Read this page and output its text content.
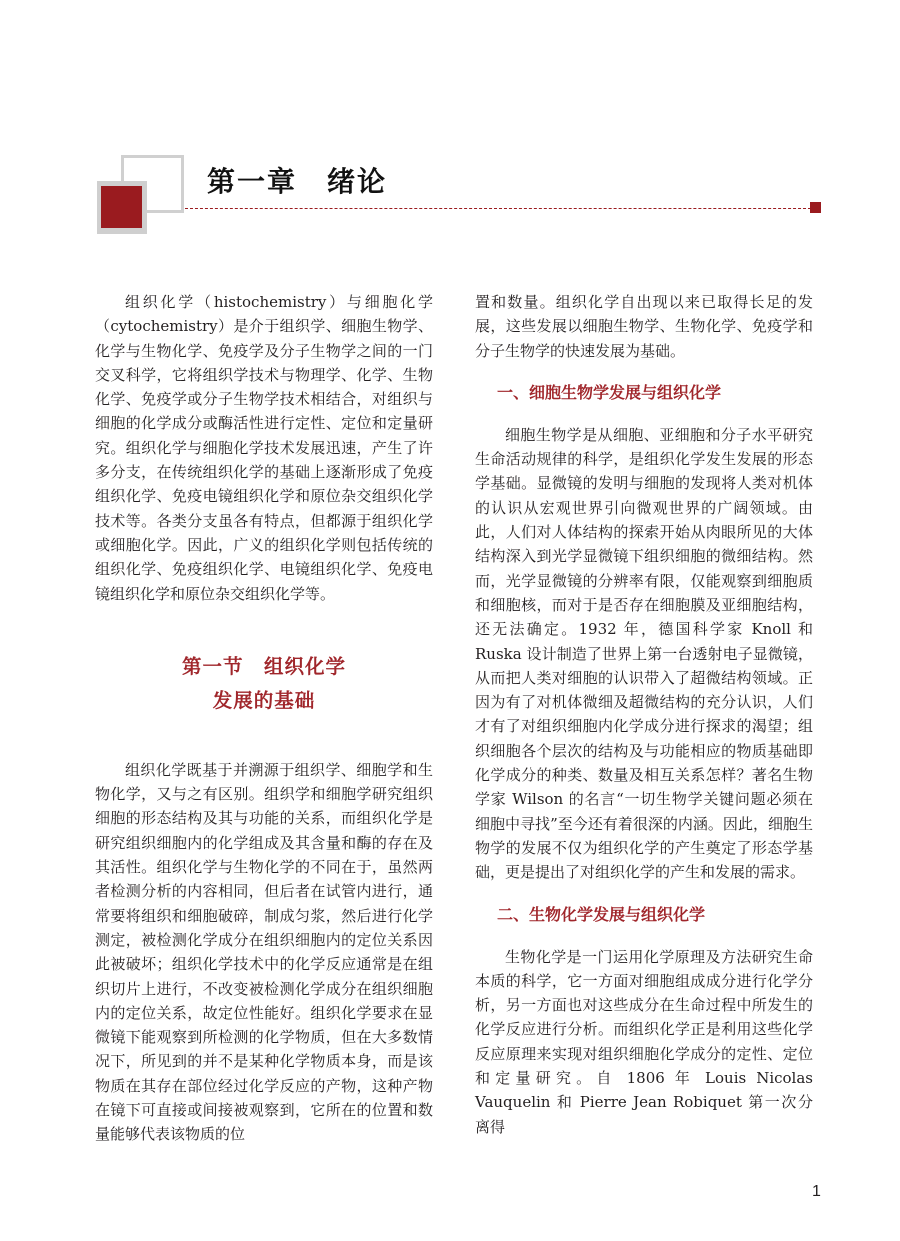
第一章　绪论

组织化学（histochemistry）与细胞化学（cytochemistry）是介于组织学、细胞生物学、化学与生物化学、免疫学及分子生物学之间的一门交叉科学，它将组织学技术与物理学、化学、生物化学、免疫学或分子生物学技术相结合，对组织与细胞的化学成分或酶活性进行定性、定位和定量研究。组织化学与细胞化学技术发展迅速，产生了许多分支，在传统组织化学的基础上逐渐形成了免疫组织化学、免疫电镜组织化学和原位杂交组织化学技术等。各类分支虽各有特点，但都源于组织化学或细胞化学。因此，广义的组织化学则包括传统的组织化学、免疫组织化学、电镜组织化学、免疫电镜组织化学和原位杂交组织化学等。

第一节　组织化学
发展的基础

组织化学既基于并溯源于组织学、细胞学和生物化学，又与之有区别。组织学和细胞学研究组织细胞的形态结构及其与功能的关系，而组织化学是研究组织细胞内的化学组成及其含量和酶的存在及其活性。组织化学与生物化学的不同在于，虽然两者检测分析的内容相同，但后者在试管内进行，通常要将组织和细胞破碎，制成匀浆，然后进行化学测定，被检测化学成分在组织细胞内的定位关系因此被破坏；组织化学技术中的化学反应通常是在组织切片上进行，不改变被检测化学成分在组织细胞内的定位关系，故定位性能好。组织化学要求在显微镜下能观察到所检测的化学物质，但在大多数情况下，所见到的并不是某种化学物质本身，而是该物质在其存在部位经过化学反应的产物，这种产物在镜下可直接或间接被观察到，它所在的位置和数量能够代表该物质的位

置和数量。组织化学自出现以来已取得长足的发展，这些发展以细胞生物学、生物化学、免疫学和分子生物学的快速发展为基础。

一、细胞生物学发展与组织化学

细胞生物学是从细胞、亚细胞和分子水平研究生命活动规律的科学，是组织化学发生发展的形态学基础。显微镜的发明与细胞的发现将人类对机体的认识从宏观世界引向微观世界的广阔领域。由此，人们对人体结构的探索开始从肉眼所见的大体结构深入到光学显微镜下组织细胞的微细结构。然而，光学显微镜的分辨率有限，仅能观察到细胞质和细胞核，而对于是否存在细胞膜及亚细胞结构，还无法确定。1932 年，德国科学家 Knoll 和 Ruska 设计制造了世界上第一台透射电子显微镜，从而把人类对细胞的认识带入了超微结构领域。正因为有了对机体微细及超微结构的充分认识，人们才有了对组织细胞内化学成分进行探求的渴望；组织细胞各个层次的结构及与功能相应的物质基础即化学成分的种类、数量及相互关系怎样？著名生物学家 Wilson 的名言“一切生物学关键问题必须在细胞中寻找”至今还有着很深的内涵。因此，细胞生物学的发展不仅为组织化学的产生奠定了形态学基础，更是提出了对组织化学的产生和发展的需求。

二、生物化学发展与组织化学

生物化学是一门运用化学原理及方法研究生命本质的科学，它一方面对细胞组成成分进行化学分析，另一方面也对这些成分在生命过程中所发生的化学反应进行分析。而组织化学正是利用这些化学反应原理来实现对组织细胞化学成分的定性、定位和定量研究。自 1806 年 Louis Nicolas Vauquelin 和 Pierre Jean Robiquet 第一次分离得

1
